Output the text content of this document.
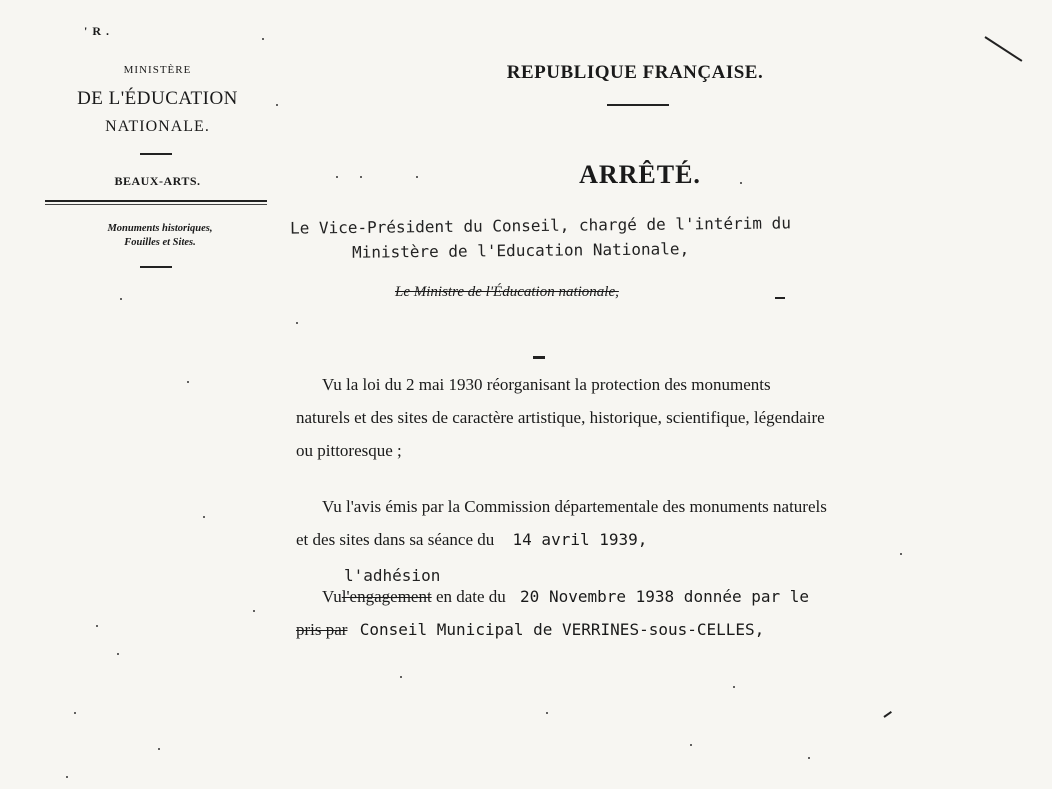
' R .
MINISTÈRE
DE L'ÉDUCATION
NATIONALE.
BEAUX-ARTS.
Monuments historiques,
Fouilles et Sites.
REPUBLIQUE FRANÇAISE.
ARRÊTÉ.
Le Vice-Président du Conseil, chargé de l'intérim du
Ministère de l'Education Nationale,
Le Ministre de l'Éducation nationale,
Vu la loi du 2 mai 1930 réorganisant la protection des monuments
naturels et des sites de caractère artistique, historique, scientifique, légendaire
ou pittoresque ;
Vu l'avis émis par la Commission départementale des monuments naturels
et des sites dans sa séance du 14 avril 1939,
l'adhésion
Vul'engagement en date du 20 Novembre 1938 donnée par le
pris par Conseil Municipal de VERRINES-sous-CELLES,
